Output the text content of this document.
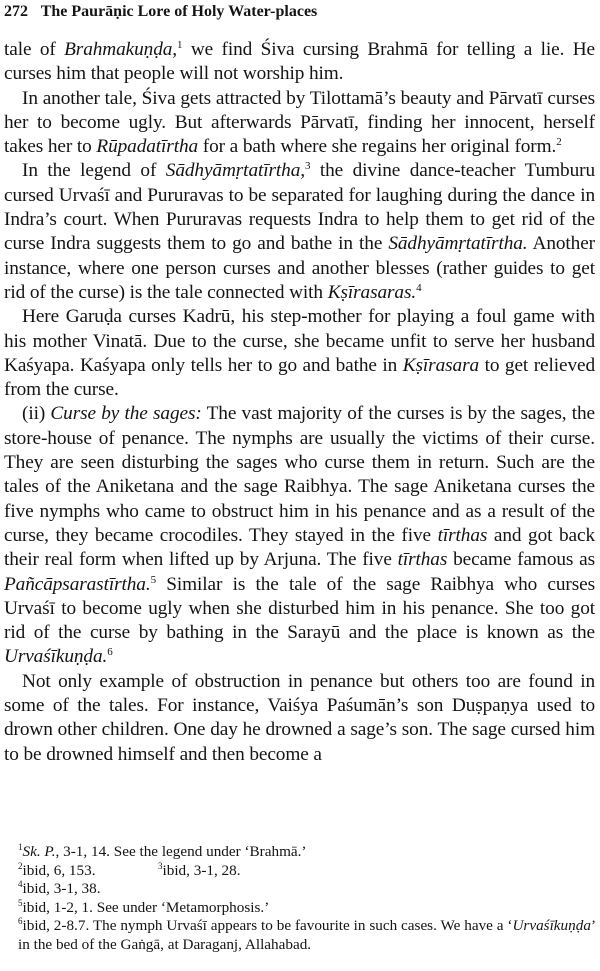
272 The Paurāṇic Lore of Holy Water-places

tale of Brahmakuṇḍa,$^1$ we find Śiva cursing Brahmā for telling a lie. He curses him that people will not worship him.

In another tale, Śiva gets attracted by Tilottamā’s beauty and Pārvatī curses her to become ugly. But afterwards Pārvatī, finding her innocent, herself takes her to Rūpadatīrtha for a bath where she regains her original form.$^2$

In the legend of Sādhyāmṛtatīrtha,$^3$ the divine dance-teacher Tumburu cursed Urvaśī and Pururavas to be separated for laughing during the dance in Indra’s court. When Pururavas requests Indra to help them to get rid of the curse Indra suggests them to go and bathe in the Sādhyāmṛtatīrtha. Another instance, where one person curses and another blesses (rather guides to get rid of the curse) is the tale connected with Kṣīrasaras.$^4$

Here Garuḍa curses Kadrū, his step-mother for playing a foul game with his mother Vinatā. Due to the curse, she became unfit to serve her husband Kaśyapa. Kaśyapa only tells her to go and bathe in Kṣīrasara to get relieved from the curse.

(ii) Curse by the sages: The vast majority of the curses is by the sages, the store-house of penance. The nymphs are usually the victims of their curse. They are seen disturbing the sages who curse them in return. Such are the tales of the Aniketana and the sage Raibhya. The sage Aniketana curses the five nymphs who came to obstruct him in his penance and as a result of the curse, they became crocodiles. They stayed in the five tīrthas and got back their real form when lifted up by Arjuna. The five tīrthas became famous as Pañcāpsarastīrtha.$^5$ Similar is the tale of the sage Raibhya who curses Urvaśī to become ugly when she disturbed him in his penance. She too got rid of the curse by bathing in the Sarayū and the place is known as the Urvaśīkuṇḍa.$^6$

Not only example of obstruction in penance but others too are found in some of the tales. For instance, Vaiśya Paśumān’s son Duṣpaṇya used to drown other children. One day he drowned a sage’s son. The sage cursed him to be drowned himself and then become a

$^1$Sk. P., 3-1, 14. See the legend under ‘Brahmā.’
$^2$ibid, 6, 153.	$^3$ibid, 3-1, 28.
$^4$ibid, 3-1, 38.
$^5$ibid, 1-2, 1. See under ‘Metamorphosis.’
$^6$ibid, 2-8.7. The nymph Urvaśī appears to be favourite in such cases. We have a ‘Urvaśīkuṇḍa’ in the bed of the Gaṅgā, at Daraganj, Allahabad.
